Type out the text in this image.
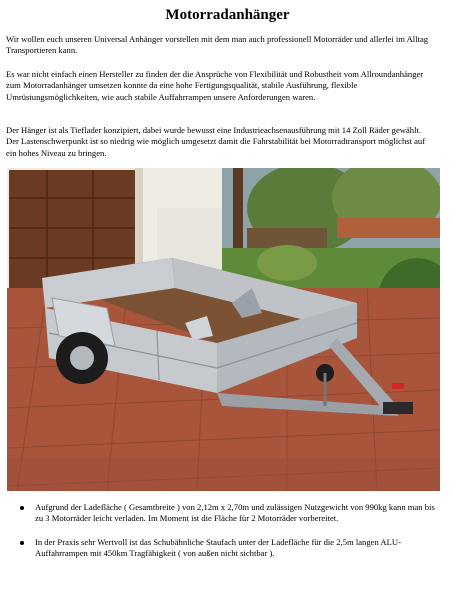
Motorradanhänger

Wir wollen euch unseren Universal Anhänger vorstellen mit dem man auch professionell Motorräder und allerlei im Alltag Transportieren kann.

Es war nicht einfach einen Hersteller zu finden der die Ansprüche von Flexibilität und Robustheit vom Allroundanhänger zum Motorradanhänger umsetzen konnte da eine hohe Fertigungsqualität, stabile Ausführung, flexible Umrüstungsmöglichkeiten, wie auch stabile Auffahrrampen unsere Anforderungen waren.

Der Hänger ist als Tieflader konzipiert, dabei wurde bewusst eine Industrieachsenausführung mit 14 Zoll Räder gewählt. Der Lastenschwerpunkt ist so niedrig wie möglich umgesetzt damit die Fahrstabilität bei Motorradtransport möglichst auf ein hohes Niveau zu bringen.

Aufgrund der Ladefläche ( Gesamtbreite ) von 2,12m x 2,70m und zulässigen Nutzgewicht von 990kg kann man bis zu 3 Motorräder leicht verladen. Im Moment ist die Fläche für 2 Motorräder vorbereitet.
In der Praxis sehr Wertvoll ist das Schubähnliche Staufach unter der Ladefläche für die 2,5m langen ALU-Auffahrrampen mit 450km Tragfähigkeit ( von außen nicht sichtbar ).
